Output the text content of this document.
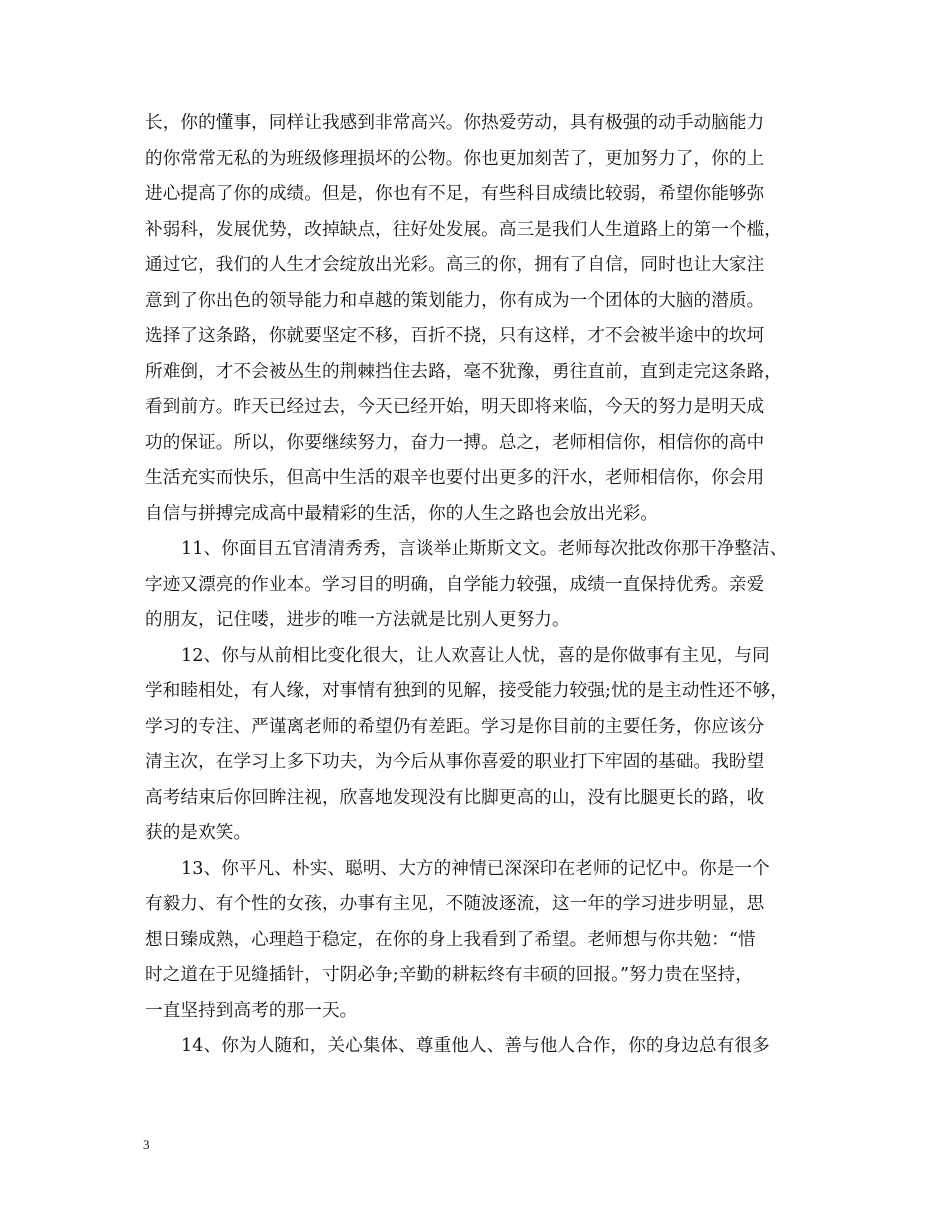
长，你的懂事，同样让我感到非常高兴。你热爱劳动，具有极强的动手动脑能力
的你常常无私的为班级修理损坏的公物。你也更加刻苦了，更加努力了，你的上
进心提高了你的成绩。但是，你也有不足，有些科目成绩比较弱，希望你能够弥
补弱科，发展优势，改掉缺点，往好处发展。高三是我们人生道路上的第一个槛，
通过它，我们的人生才会绽放出光彩。高三的你，拥有了自信，同时也让大家注
意到了你出色的领导能力和卓越的策划能力，你有成为一个团体的大脑的潜质。
选择了这条路，你就要坚定不移，百折不挠，只有这样，才不会被半途中的坎坷
所难倒，才不会被丛生的荆棘挡住去路，毫不犹豫，勇往直前，直到走完这条路，
看到前方。昨天已经过去，今天已经开始，明天即将来临，今天的努力是明天成
功的保证。所以，你要继续努力，奋力一搏。总之，老师相信你，相信你的高中
生活充实而快乐，但高中生活的艰辛也要付出更多的汗水，老师相信你，你会用
自信与拼搏完成高中最精彩的生活，你的人生之路也会放出光彩。
11、你面目五官清清秀秀，言谈举止斯斯文文。老师每次批改你那干净整洁、
字迹又漂亮的作业本。学习目的明确，自学能力较强，成绩一直保持优秀。亲爱
的朋友，记住喽，进步的唯一方法就是比别人更努力。
12、你与从前相比变化很大，让人欢喜让人忧，喜的是你做事有主见，与同
学和睦相处，有人缘，对事情有独到的见解，接受能力较强;忧的是主动性还不够，
学习的专注、严谨离老师的希望仍有差距。学习是你目前的主要任务，你应该分
清主次，在学习上多下功夫，为今后从事你喜爱的职业打下牢固的基础。我盼望
高考结束后你回眸注视，欣喜地发现没有比脚更高的山，没有比腿更长的路，收
获的是欢笑。
13、你平凡、朴实、聪明、大方的神情已深深印在老师的记忆中。你是一个
有毅力、有个性的女孩，办事有主见，不随波逐流，这一年的学习进步明显，思
想日臻成熟，心理趋于稳定，在你的身上我看到了希望。老师想与你共勉：“惜
时之道在于见缝插针，寸阴必争;辛勤的耕耘终有丰硕的回报。”努力贵在坚持，
一直坚持到高考的那一天。
14、你为人随和，关心集体、尊重他人、善与他人合作，你的身边总有很多
3
